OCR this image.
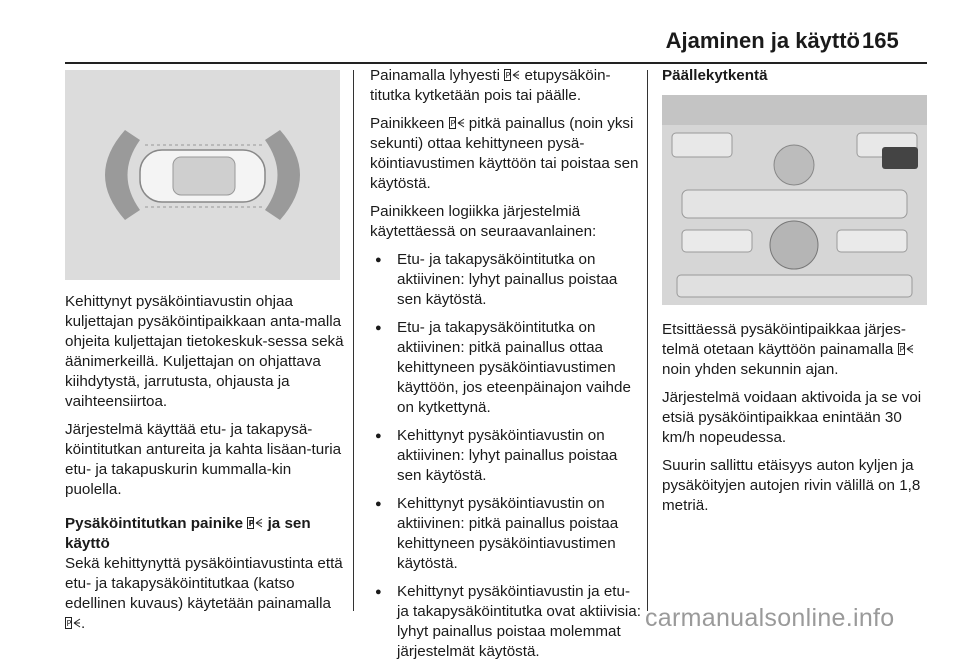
Ajaminen ja käyttö 165

Kehittynyt pysäköintiavustin ohjaa kuljettajan pysäköintipaikkaan anta-malla ohjeita kuljettajan tietokeskuk-sessa sekä äänimerkeillä. Kuljettajan on ohjattava kiihdytystä, jarrutusta, ohjausta ja vaihteensiirtoa.

Järjestelmä käyttää etu- ja takapysä-köintitutkan antureita ja kahta lisäan-turia etu- ja takapuskurin kummalla-kin puolella.

Pysäköintitutkan painike P ja sen käyttö

Sekä kehittynyttä pysäköintiavustinta että etu- ja takapysäköintitutkaa (katso edellinen kuvaus) käytetään painamalla
P .

Painamalla lyhyesti P etupysäköin-titutka kytketään pois tai päälle.

Painikkeen P pitkä painallus (noin yksi sekunti) ottaa kehittyneen pysä-köintiavustimen käyttöön tai poistaa sen käytöstä.

Painikkeen logiikka järjestelmiä käytettäessä on seuraavanlainen:

● Etu- ja takapysäköintitutka on aktiivinen: lyhyt painallus poistaa sen käytöstä.
● Etu- ja takapysäköintitutka on aktiivinen: pitkä painallus ottaa kehittyneen pysäköintiavustimen käyttöön, jos eteenpäinajon vaihde on kytkettynä.
● Kehittynyt pysäköintiavustin on aktiivinen: lyhyt painallus poistaa sen käytöstä.
● Kehittynyt pysäköintiavustin on aktiivinen: pitkä painallus poistaa kehittyneen pysäköintiavustimen käytöstä.
● Kehittynyt pysäköintiavustin ja etu- ja takapysäköintitutka ovat aktiivisia: lyhyt painallus poistaa molemmat järjestelmät käytöstä.

Päällekytkentä

Etsittäessä pysäköintipaikkaa järjes-telmä otetaan käyttöön painamalla P
noin yhden sekunnin ajan.

Järjestelmä voidaan aktivoida ja se voi etsiä pysäköintipaikkaa enintään 30 km/h nopeudessa.

Suurin sallittu etäisyys auton kyljen ja pysäköityjen autojen rivin välillä on 1,8 metriä.

carmanualsonline.info
